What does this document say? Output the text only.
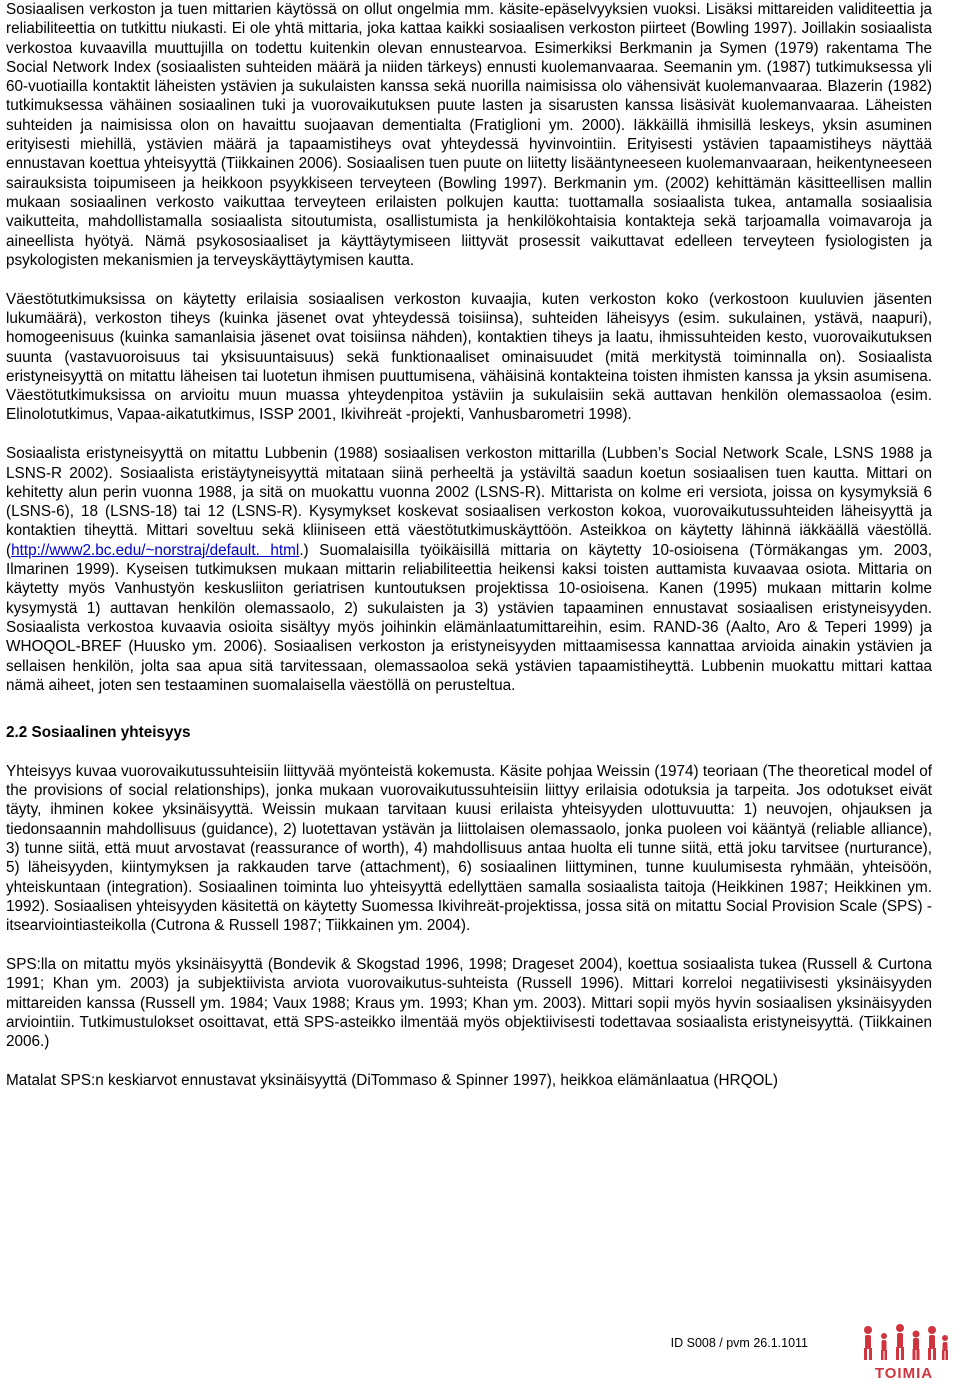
Sosiaalisen verkoston ja tuen mittarien käytössä on ollut ongelmia mm. käsite-epäselvyyksien vuoksi. Lisäksi mittareiden validiteettia ja reliabiliteettia on tutkittu niukasti. Ei ole yhtä mittaria, joka kattaa kaikki sosiaalisen verkoston piirteet (Bowling 1997). Joillakin sosiaalista verkostoa kuvaavilla muuttujilla on todettu kuitenkin olevan ennustearvoa. Esimerkiksi Berkmanin ja Symen (1979) rakentama The Social Network Index (sosiaalisten suhteiden määrä ja niiden tärkeys) ennusti kuolemanvaaraa. Seemanin ym. (1987) tutkimuksessa yli 60-vuotiailla kontaktit läheisten ystävien ja sukulaisten kanssa sekä nuorilla naimisissa olo vähensivät kuolemanvaaraa. Blazerin (1982) tutkimuksessa vähäinen sosiaalinen tuki ja vuorovaikutuksen puute lasten ja sisarusten kanssa lisäsivät kuolemanvaaraa. Läheisten suhteiden ja naimisissa olon on havaittu suojaavan dementialta (Fratiglioni ym. 2000). Iäkkäillä ihmisillä leskeys, yksin asuminen erityisesti miehillä, ystävien määrä ja tapaamistiheys ovat yhteydessä hyvinvointiin. Erityisesti ystävien tapaamistiheys näyttää ennustavan koettua yhteisyyttä (Tiikkainen 2006). Sosiaalisen tuen puute on liitetty lisääntyneeseen kuolemanvaaraan, heikentyneeseen sairauksista toipumiseen ja heikkoon psyykkiseen terveyteen (Bowling 1997). Berkmanin ym. (2002) kehittämän käsitteellisen mallin mukaan sosiaalinen verkosto vaikuttaa terveyteen erilaisten polkujen kautta: tuottamalla sosiaalista tukea, antamalla sosiaalisia vaikutteita, mahdollistamalla sosiaalista sitoutumista, osallistumista ja henkilökohtaisia kontakteja sekä tarjoamalla voimavaroja ja aineellista hyötyä. Nämä psykososiaaliset ja käyttäytymiseen liittyvät prosessit vaikuttavat edelleen terveyteen fysiologisten ja psykologisten mekanismien ja terveyskäyttäytymisen kautta.

Väestötutkimuksissa on käytetty erilaisia sosiaalisen verkoston kuvaajia, kuten verkoston koko (verkostoon kuuluvien jäsenten lukumäärä), verkoston tiheys (kuinka jäsenet ovat yhteydessä toisiinsa), suhteiden läheisyys (esim. sukulainen, ystävä, naapuri), homogeenisuus (kuinka samanlaisia jäsenet ovat toisiinsa nähden), kontaktien tiheys ja laatu, ihmissuhteiden kesto, vuorovaikutuksen suunta (vastavuoroisuus tai yksisuuntaisuus) sekä funktionaaliset ominaisuudet (mitä merkitystä toiminnalla on). Sosiaalista eristyneisyyttä on mitattu läheisen tai luotetun ihmisen puuttumisena, vähäisinä kontakteina toisten ihmisten kanssa ja yksin asumisena. Väestötutkimuksissa on arvioitu muun muassa yhteydenpitoa ystäviin ja sukulaisiin sekä auttavan henkilön olemassaoloa (esim. Elinolotutkimus, Vapaa-aikatutkimus, ISSP 2001, Ikivihreät -projekti, Vanhusbarometri 1998).

Sosiaalista eristyneisyyttä on mitattu Lubbenin (1988) sosiaalisen verkoston mittarilla (Lubben’s Social Network Scale, LSNS 1988 ja LSNS-R 2002). Sosiaalista eristäytyneisyyttä mitataan siinä perheeltä ja ystäviltä saadun koetun sosiaalisen tuen kautta. Mittari on kehitetty alun perin vuonna 1988, ja sitä on muokattu vuonna 2002 (LSNS-R). Mittarista on kolme eri versiota, joissa on kysymyksiä 6 (LSNS-6), 18 (LSNS-18) tai 12 (LSNS-R). Kysymykset koskevat sosiaalisen verkoston kokoa, vuorovaikutussuhteiden läheisyyttä ja kontaktien tiheyttä. Mittari soveltuu sekä kliiniseen että väestötutkimuskäyttöön. Asteikkoa on käytetty lähinnä iäkkäällä väestöllä. (http://www2.bc.edu/~norstraj/default. html.) Suomalaisilla työikäisillä mittaria on käytetty 10-osioisena (Törmäkangas ym. 2003, Ilmarinen 1999). Kyseisen tutkimuksen mukaan mittarin reliabiliteettia heikensi kaksi toisten auttamista kuvaavaa osiota. Mittaria on käytetty myös Vanhustyön keskusliiton geriatrisen kuntoutuksen projektissa 10-osioisena. Kanen (1995) mukaan mittarin kolme kysymystä 1) auttavan henkilön olemassaolo, 2) sukulaisten ja 3) ystävien tapaaminen ennustavat sosiaalisen eristyneisyyden. Sosiaalista verkostoa kuvaavia osioita sisältyy myös joihinkin elämänlaatumittareihin, esim. RAND-36 (Aalto, Aro & Teperi 1999) ja WHOQOL-BREF (Huusko ym. 2006). Sosiaalisen verkoston ja eristyneisyyden mittaamisessa kannattaa arvioida ainakin ystävien ja sellaisen henkilön, jolta saa apua sitä tarvitessaan, olemassaoloa sekä ystävien tapaamistiheyttä. Lubbenin muokattu mittari kattaa nämä aiheet, joten sen testaaminen suomalaisella väestöllä on perusteltua.

2.2 Sosiaalinen yhteisyys

Yhteisyys kuvaa vuorovaikutussuhteisiin liittyvää myönteistä kokemusta. Käsite pohjaa Weissin (1974) teoriaan (The theoretical model of the provisions of social relationships), jonka mukaan vuorovaikutussuhteisiin liittyy erilaisia odotuksia ja tarpeita. Jos odotukset eivät täyty, ihminen kokee yksinäisyyttä. Weissin mukaan tarvitaan kuusi erilaista yhteisyyden ulottuvuutta: 1) neuvojen, ohjauksen ja tiedonsaannin mahdollisuus (guidance), 2) luotettavan ystävän ja liittolaisen olemassaolo, jonka puoleen voi kääntyä (reliable alliance), 3) tunne siitä, että muut arvostavat (reassurance of worth), 4) mahdollisuus antaa huolta eli tunne siitä, että joku tarvitsee (nurturance), 5) läheisyyden, kiintymyksen ja rakkauden tarve (attachment), 6) sosiaalinen liittyminen, tunne kuulumisesta ryhmään, yhteisöön, yhteiskuntaan (integration). Sosiaalinen toiminta luo yhteisyyttä edellyttäen samalla sosiaalista taitoja (Heikkinen 1987; Heikkinen ym. 1992). Sosiaalisen yhteisyyden käsitettä on käytetty Suomessa Ikivihreät-projektissa, jossa sitä on mitattu Social Provision Scale (SPS) -itsearviointiasteikolla (Cutrona & Russell 1987; Tiikkainen ym. 2004).

SPS:lla on mitattu myös yksinäisyyttä (Bondevik & Skogstad 1996, 1998; Drageset 2004), koettua sosiaalista tukea (Russell & Curtona 1991; Khan ym. 2003) ja subjektiivista arviota vuorovaikutus-suhteista (Russell 1996). Mittari korreloi negatiivisesti yksinäisyyden mittareiden kanssa (Russell ym. 1984; Vaux 1988; Kraus ym. 1993; Khan ym. 2003). Mittari sopii myös hyvin sosiaalisen yksinäisyyden arviointiin. Tutkimustulokset osoittavat, että SPS-asteikko ilmentää myös objektiivisesti todettavaa sosiaalista eristyneisyyttä. (Tiikkainen 2006.)

Matalat SPS:n keskiarvot ennustavat yksinäisyyttä (DiTommaso & Spinner 1997), heikkoa elämänlaatua (HRQOL)

ID S008 / pvm 26.1.1011
TOIMIA
